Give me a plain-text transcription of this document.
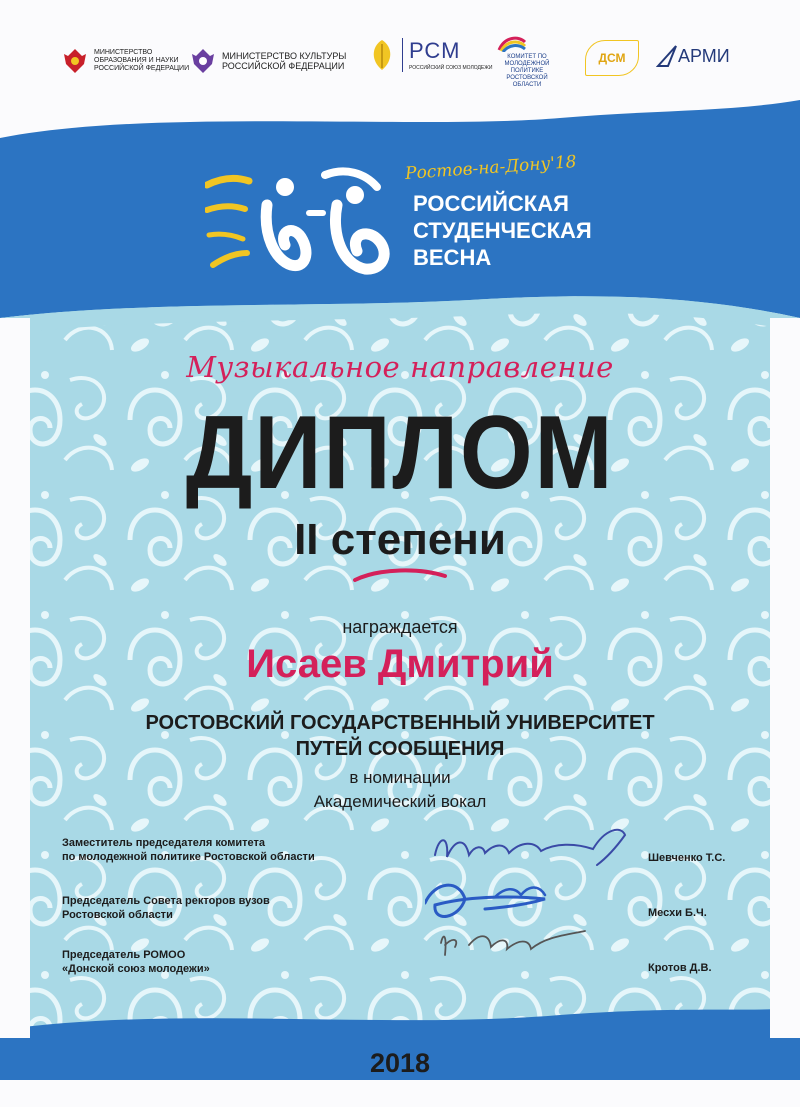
МИНИСТЕРСТВО ОБРАЗОВАНИЯ И НАУКИ РОССИЙСКОЙ ФЕДЕРАЦИИ
МИНИСТЕРСТВО КУЛЬТУРЫ РОССИЙСКОЙ ФЕДЕРАЦИИ
РСМ
РОССИЙСКИЙ СОЮЗ МОЛОДЕЖИ
КОМИТЕТ ПО МОЛОДЕЖНОЙ ПОЛИТИКЕ РОСТОВСКОЙ ОБЛАСТИ
ДСМ	АРМИ
Ростов-на-Дону'18
РОССИЙСКАЯ
СТУДЕНЧЕСКАЯ
ВЕСНА
Музыкальное направление
ДИПЛОМ
II степени
награждается
Исаев Дмитрий
РОСТОВСКИЙ ГОСУДАРСТВЕННЫЙ УНИВЕРСИТЕТ
ПУТЕЙ СООБЩЕНИЯ
в номинации
Академический вокал
Заместитель председателя комитета
по молодежной политике Ростовской области	Шевченко Т.С.
Председатель Совета ректоров вузов
Ростовской области	Месхи Б.Ч.
Председатель РОМОО
«Донской союз молодежи»	Кротов Д.В.
2018
